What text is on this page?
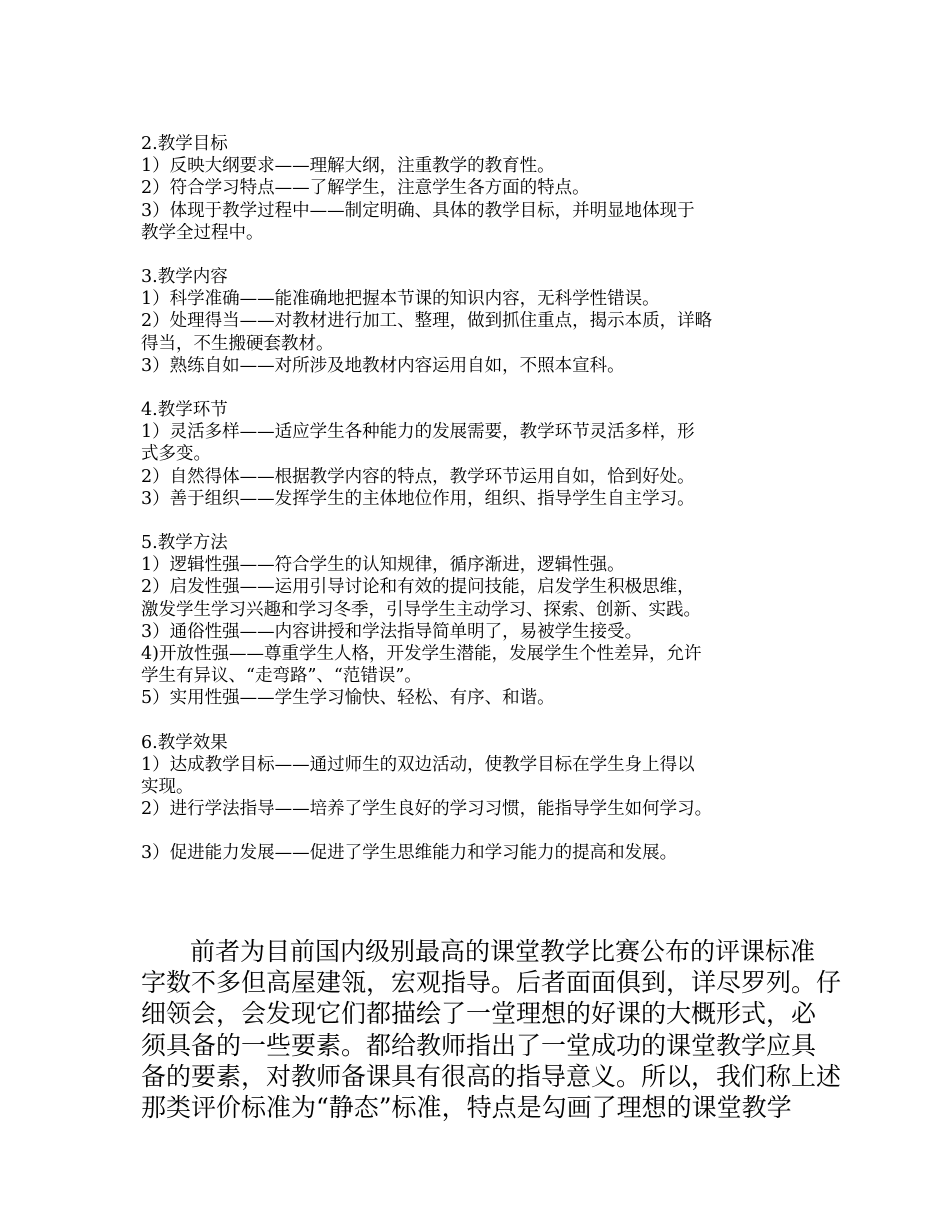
2.教学目标

1）反映大纲要求——理解大纲，注重教学的教育性。

2）符合学习特点——了解学生，注意学生各方面的特点。

3）体现于教学过程中——制定明确、具体的教学目标，并明显地体现于

教学全过程中。

3.教学内容

1）科学准确——能准确地把握本节课的知识内容，无科学性错误。

2）处理得当——对教材进行加工、整理，做到抓住重点，揭示本质，详略

得当，不生搬硬套教材。

3）熟练自如——对所涉及地教材内容运用自如，不照本宣科。

4.教学环节

1）灵活多样——适应学生各种能力的发展需要，教学环节灵活多样，形

式多变。

2）自然得体——根据教学内容的特点，教学环节运用自如，恰到好处。

3）善于组织——发挥学生的主体地位作用，组织、指导学生自主学习。

5.教学方法

1）逻辑性强——符合学生的认知规律，循序渐进，逻辑性强。

2）启发性强——运用引导讨论和有效的提问技能，启发学生积极思维，

激发学生学习兴趣和学习冬季，引导学生主动学习、探索、创新、实践。

3）通俗性强——内容讲授和学法指导简单明了，易被学生接受。

4)开放性强——尊重学生人格，开发学生潜能，发展学生个性差异，允许

学生有异议、“走弯路”、“范错误”。

5）实用性强——学生学习愉快、轻松、有序、和谐。

6.教学效果

1）达成教学目标——通过师生的双边活动，使教学目标在学生身上得以

实现。

2）进行学法指导——培养了学生良好的学习习惯，能指导学生如何学习。

3）促进能力发展——促进了学生思维能力和学习能力的提高和发展。

前者为目前国内级别最高的课堂教学比赛公布的评课标准

字数不多但高屋建瓴，宏观指导。后者面面俱到，详尽罗列。仔

细领会，会发现它们都描绘了一堂理想的好课的大概形式，必

须具备的一些要素。都给教师指出了一堂成功的课堂教学应具

备的要素，对教师备课具有很高的指导意义。所以，我们称上述

那类评价标准为“静态”标准，特点是勾画了理想的课堂教学
